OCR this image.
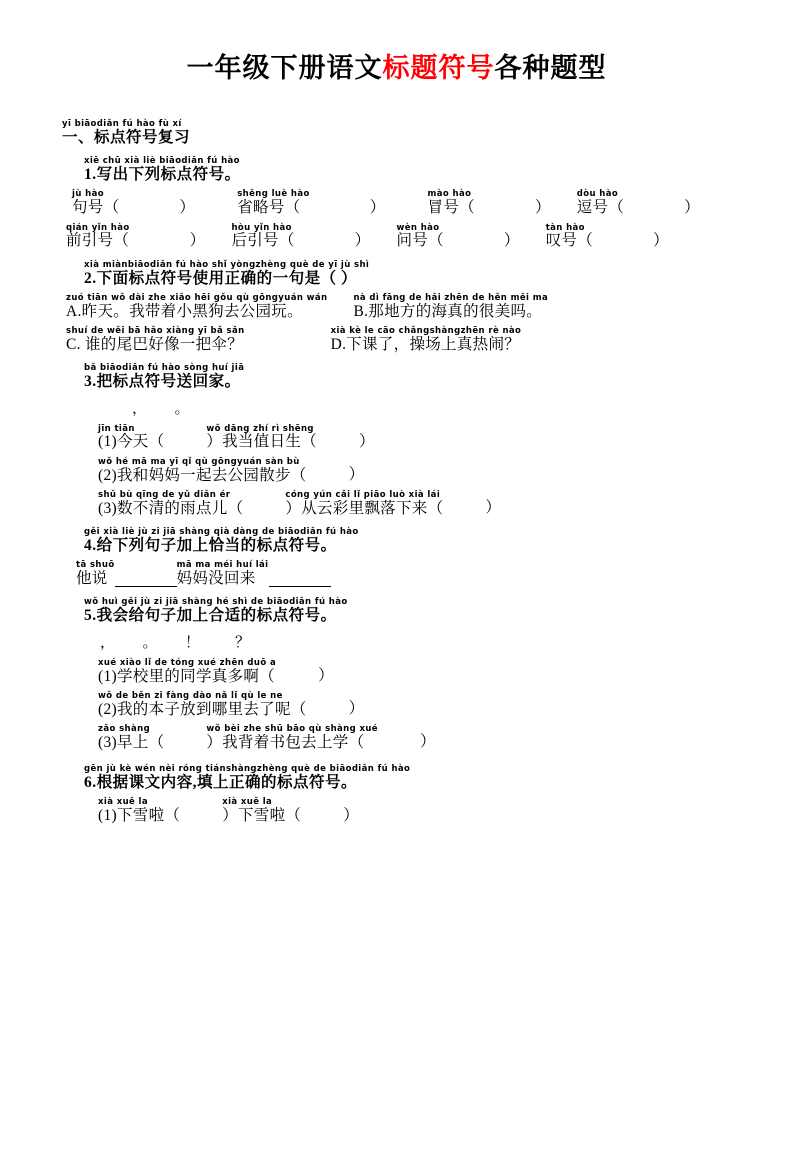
一年级下册语文标题符号各种题型
yī biāodiǎn fú hào fù xí
一、标点符号复习
xiě chū xià liè biāodiǎn fú hào
1.写出下列标点符号。
jù hào
句号（	）
shěng luè hào
省略号（	）
mào hào
冒号（	）
dòu hào
逗号（	）
qián yǐn hào
前引号（	）
hòu yǐn hào
后引号（	）
wèn hào
问号（	）
tàn hào
叹号（	）
xià miànbiāodiǎn fú hào shǐ yòngzhèng què de yī jù shì
2.下面标点符号使用正确的一句是（ ）
zuó tiān wǒ dài zhe xiǎo hēi gǒu qù gōngyuán wán
A.昨天。我带着小黑狗去公园玩。
nà dì fāng de hǎi zhēn de hěn měi ma
B.那地方的海真的很美吗。
shuí de wěi bā hǎo xiàng yī bǎ sǎn
C. 谁的尾巴好像一把伞？
xià kè le cāo chǎngshàngzhēn rè nào
D.下课了，操场上真热闹？
bǎ biāodiǎn fú hào sòng huí jiā
3.把标点符号送回家。
，　。
jīn tiān
(1)今天（
wǒ dāng zhí rì shēng
）我当值日生（	）
wǒ hé mā ma yī qǐ qù gōngyuán sàn bù
(2)我和妈妈一起去公园散步（	）
shǔ bù qīng de yǔ diǎn ér
(3)数不清的雨点儿（
cóng yún cǎi lǐ piāo luò xià lái
）从云彩里飘落下来（	）
gěi xià liè jù zi jiā shàng qià dàng de biāodiǎn fú hào
4.给下列句子加上恰当的标点符号。
tā shuō
他说
mā ma méi huí lái
妈妈没回来
wǒ huì gěi jù zi jiā shàng hé shì de biāodiǎn fú hào
5.我会给句子加上合适的标点符号。
，　。　！　？
xué xiào lǐ de tóng xué zhēn duō a
(1)学校里的同学真多啊（	）
wǒ de běn zi fàng dào nǎ lǐ qù le ne
(2)我的本子放到哪里去了呢（	）
zǎo shàng
(3)早上（
wǒ bèi zhe shū bāo qù shàng xué
）我背着书包去上学（	）
gēn jù kè wén nèi róng tiánshàngzhèng què de biāodiǎn fú hào
6.根据课文内容,填上正确的标点符号。
xià xuě la
(1)下雪啦（
xià xuě la
）下雪啦（	）
